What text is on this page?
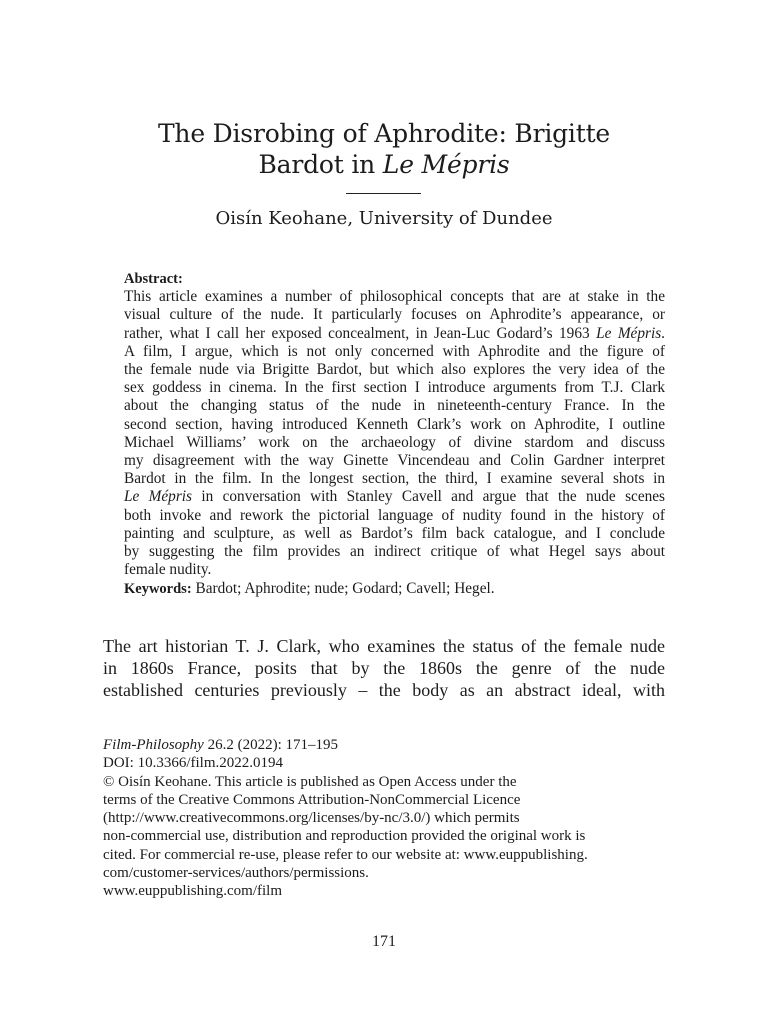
The Disrobing of Aphrodite: Brigitte
Bardot in Le Mépris
Oisín Keohane, University of Dundee
Abstract:
This article examines a number of philosophical concepts that are at stake in the
visual culture of the nude. It particularly focuses on Aphrodite’s appearance, or
rather, what I call her exposed concealment, in Jean-Luc Godard’s 1963 Le Mépris.
A film, I argue, which is not only concerned with Aphrodite and the figure of
the female nude via Brigitte Bardot, but which also explores the very idea of the
sex goddess in cinema. In the first section I introduce arguments from T.J. Clark
about the changing status of the nude in nineteenth-century France. In the
second section, having introduced Kenneth Clark’s work on Aphrodite, I outline
Michael Williams’ work on the archaeology of divine stardom and discuss
my disagreement with the way Ginette Vincendeau and Colin Gardner interpret
Bardot in the film. In the longest section, the third, I examine several shots in
Le Mépris in conversation with Stanley Cavell and argue that the nude scenes
both invoke and rework the pictorial language of nudity found in the history of
painting and sculpture, as well as Bardot’s film back catalogue, and I conclude
by suggesting the film provides an indirect critique of what Hegel says about
female nudity.
Keywords: Bardot; Aphrodite; nude; Godard; Cavell; Hegel.
The art historian T. J. Clark, who examines the status of the female nude
in 1860s France, posits that by the 1860s the genre of the nude
established centuries previously – the body as an abstract ideal, with
Film-Philosophy 26.2 (2022): 171–195
DOI: 10.3366/film.2022.0194
© Oisín Keohane. This article is published as Open Access under the
terms of the Creative Commons Attribution-NonCommercial Licence
(http://www.creativecommons.org/licenses/by-nc/3.0/) which permits
non-commercial use, distribution and reproduction provided the original work is
cited. For commercial re-use, please refer to our website at: www.euppublishing.
com/customer-services/authors/permissions.
www.euppublishing.com/film
171
